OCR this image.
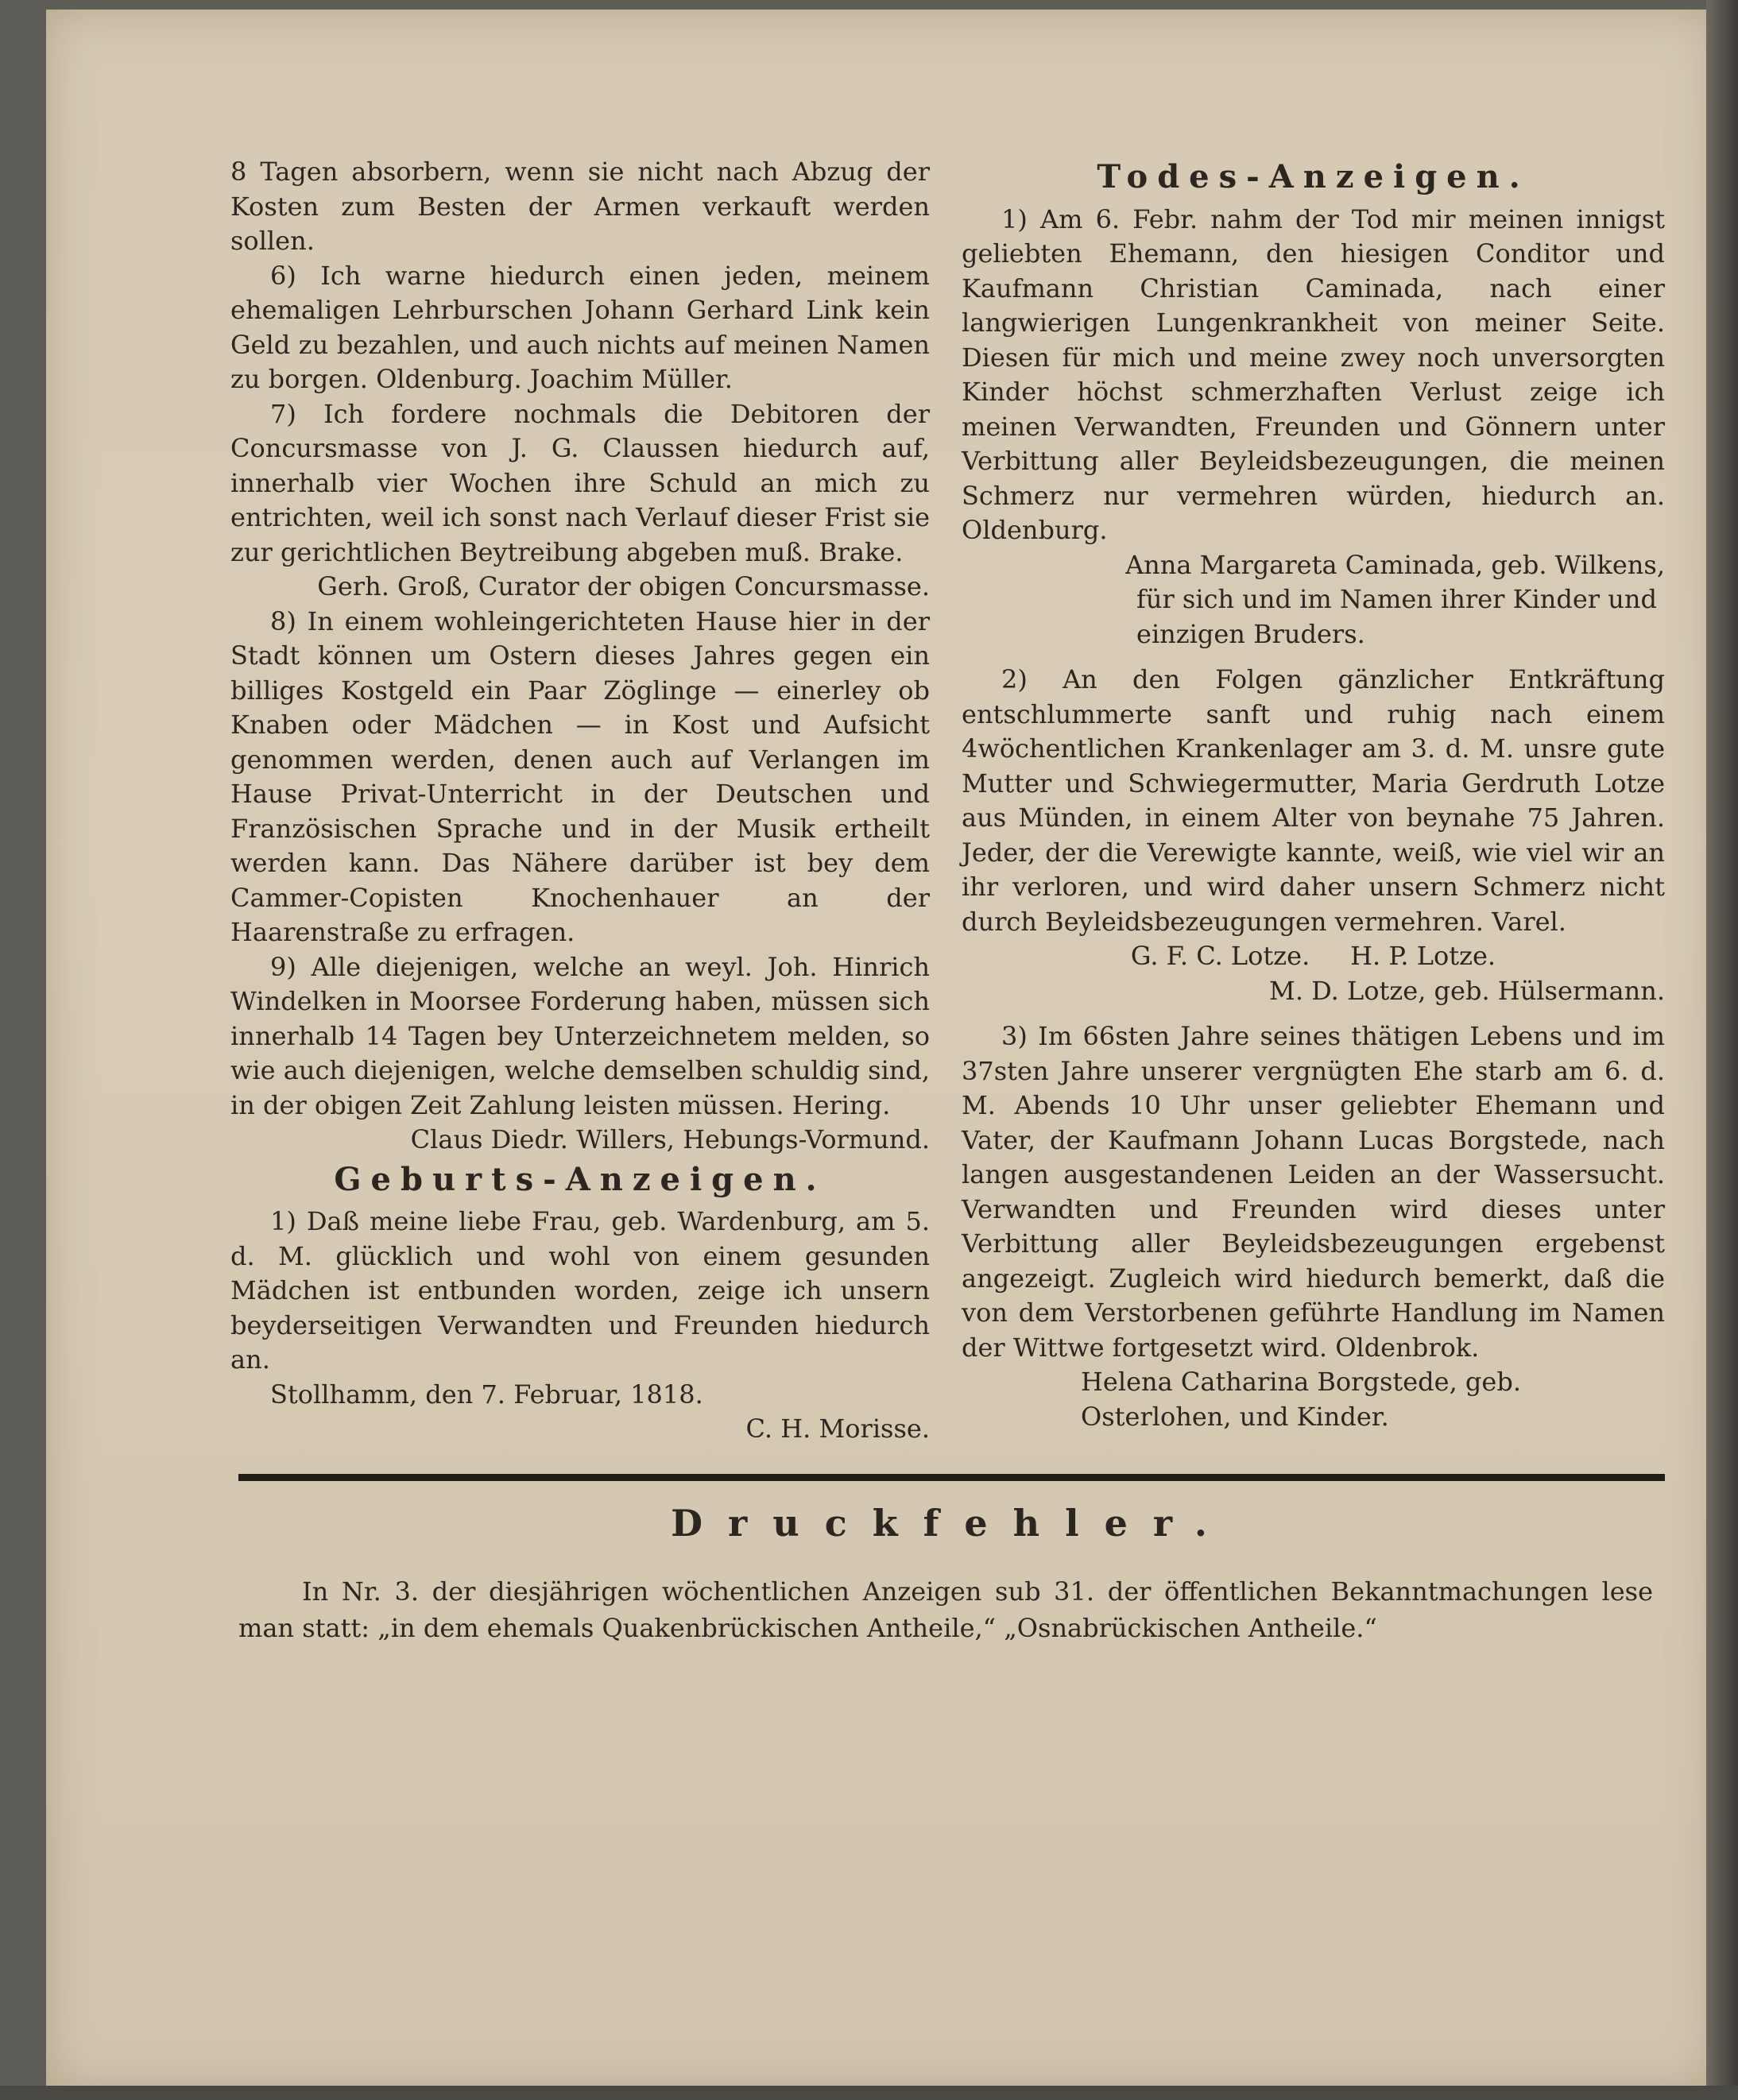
8 Tagen absorbern, wenn sie nicht nach Abzug der Kosten zum Besten der Armen verkauft werden sollen.

6) Ich warne hiedurch einen jeden, meinem ehemaligen Lehrburschen Johann Gerhard Link kein Geld zu bezahlen, und auch nichts auf meinen Namen zu borgen. Oldenburg. Joachim Müller.

7) Ich fordere nochmals die Debitoren der Concursmasse von J. G. Claussen hiedurch auf, innerhalb vier Wochen ihre Schuld an mich zu entrichten, weil ich sonst nach Verlauf dieser Frist sie zur gerichtlichen Beytreibung abgeben muß. Brake.

Gerh. Groß, Curator der obigen Concursmasse.

8) In einem wohleingerichteten Hause hier in der Stadt können um Ostern dieses Jahres gegen ein billiges Kostgeld ein Paar Zöglinge — einerley ob Knaben oder Mädchen — in Kost und Aufsicht genommen werden, denen auch auf Verlangen im Hause Privat-Unterricht in der Deutschen und Französischen Sprache und in der Musik ertheilt werden kann. Das Nähere darüber ist bey dem Cammer-Copisten Knochenhauer an der Haarenstraße zu erfragen.

9) Alle diejenigen, welche an weyl. Joh. Hinrich Windelken in Moorsee Forderung haben, müssen sich innerhalb 14 Tagen bey Unterzeichnetem melden, so wie auch diejenigen, welche demselben schuldig sind, in der obigen Zeit Zahlung leisten müssen. Hering.

Claus Diedr. Willers, Hebungs-Vormund.

Geburts-Anzeigen.

1) Daß meine liebe Frau, geb. Wardenburg, am 5. d. M. glücklich und wohl von einem gesunden Mädchen ist entbunden worden, zeige ich unsern beyderseitigen Verwandten und Freunden hiedurch an.

Stollhamm, den 7. Februar, 1818.

C. H. Morisse.

Todes-Anzeigen.

1) Am 6. Febr. nahm der Tod mir meinen innigst geliebten Ehemann, den hiesigen Conditor und Kaufmann Christian Caminada, nach einer langwierigen Lungenkrankheit von meiner Seite. Diesen für mich und meine zwey noch unversorgten Kinder höchst schmerzhaften Verlust zeige ich meinen Verwandten, Freunden und Gönnern unter Verbittung aller Beyleidsbezeugungen, die meinen Schmerz nur vermehren würden, hiedurch an. Oldenburg.

Anna Margareta Caminada, geb. Wilkens,

für sich und im Namen ihrer Kinder und einzigen Bruders.

2) An den Folgen gänzlicher Entkräftung entschlummerte sanft und ruhig nach einem 4wöchentlichen Krankenlager am 3. d. M. unsre gute Mutter und Schwiegermutter, Maria Gerdruth Lotze aus Münden, in einem Alter von beynahe 75 Jahren. Jeder, der die Verewigte kannte, weiß, wie viel wir an ihr verloren, und wird daher unsern Schmerz nicht durch Beyleidsbezeugungen vermehren. Varel.

G. F. C. Lotze.     H. P. Lotze.

M. D. Lotze, geb. Hülsermann.

3) Im 66sten Jahre seines thätigen Lebens und im 37sten Jahre unserer vergnügten Ehe starb am 6. d. M. Abends 10 Uhr unser geliebter Ehemann und Vater, der Kaufmann Johann Lucas Borgstede, nach langen ausgestandenen Leiden an der Wassersucht. Verwandten und Freunden wird dieses unter Verbittung aller Beyleidsbezeugungen ergebenst angezeigt. Zugleich wird hiedurch bemerkt, daß die von dem Verstorbenen geführte Handlung im Namen der Wittwe fortgesetzt wird. Oldenbrok.

Helena Catharina Borgstede, geb. Osterlohen, und Kinder.

Druckfehler.
In Nr. 3. der diesjährigen wöchentlichen Anzeigen sub 31. der öffentlichen Bekanntmachungen lese man statt: „in dem ehemals Quakenbrückischen Antheile,“ „Osnabrückischen Antheile.“
